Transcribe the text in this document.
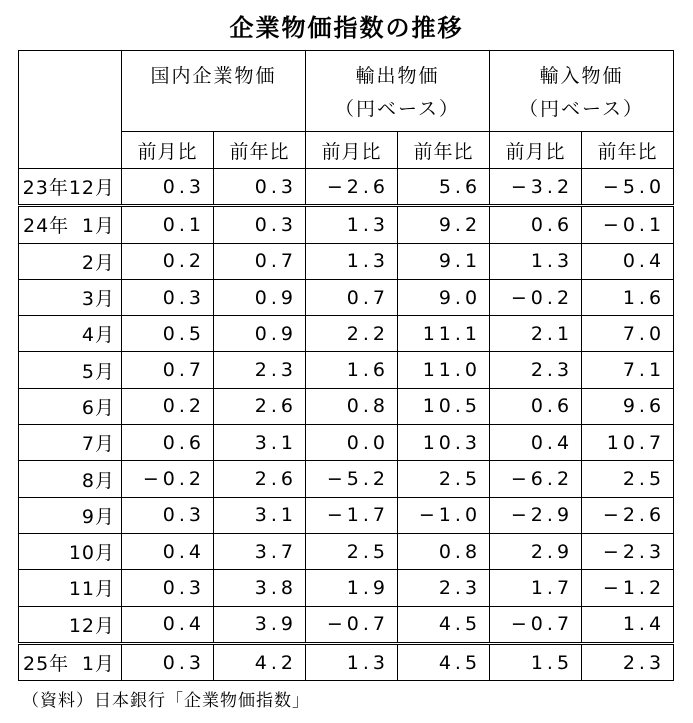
企業物価指数の推移
	国内企業物価		輸出物価		輸入物価	
			（円ベース）		（円ベース）	
	前月比	前年比	前月比	前年比	前月比	前年比
23年12月	0.3	0.3	−2.6	5.6	−3.2	−5.0

24年 1月	0.1	0.3	1.3	9.2	0.6	−0.1
2月	0.2	0.7	1.3	9.1	1.3	0.4
3月	0.3	0.9	0.7	9.0	−0.2	1.6
4月	0.5	0.9	2.2	11.1	2.1	7.0
5月	0.7	2.3	1.6	11.0	2.3	7.1
6月	0.2	2.6	0.8	10.5	0.6	9.6
7月	0.6	3.1	0.0	10.3	0.4	10.7
8月	−0.2	2.6	−5.2	2.5	−6.2	2.5
9月	0.3	3.1	−1.7	−1.0	−2.9	−2.6
10月	0.4	3.7	2.5	0.8	2.9	−2.3
11月	0.3	3.8	1.9	2.3	1.7	−1.2
12月	0.4	3.9	−0.7	4.5	−0.7	1.4

25年 1月	0.3	4.2	1.3	4.5	1.5	2.3
（資料）日本銀行「企業物価指数」
